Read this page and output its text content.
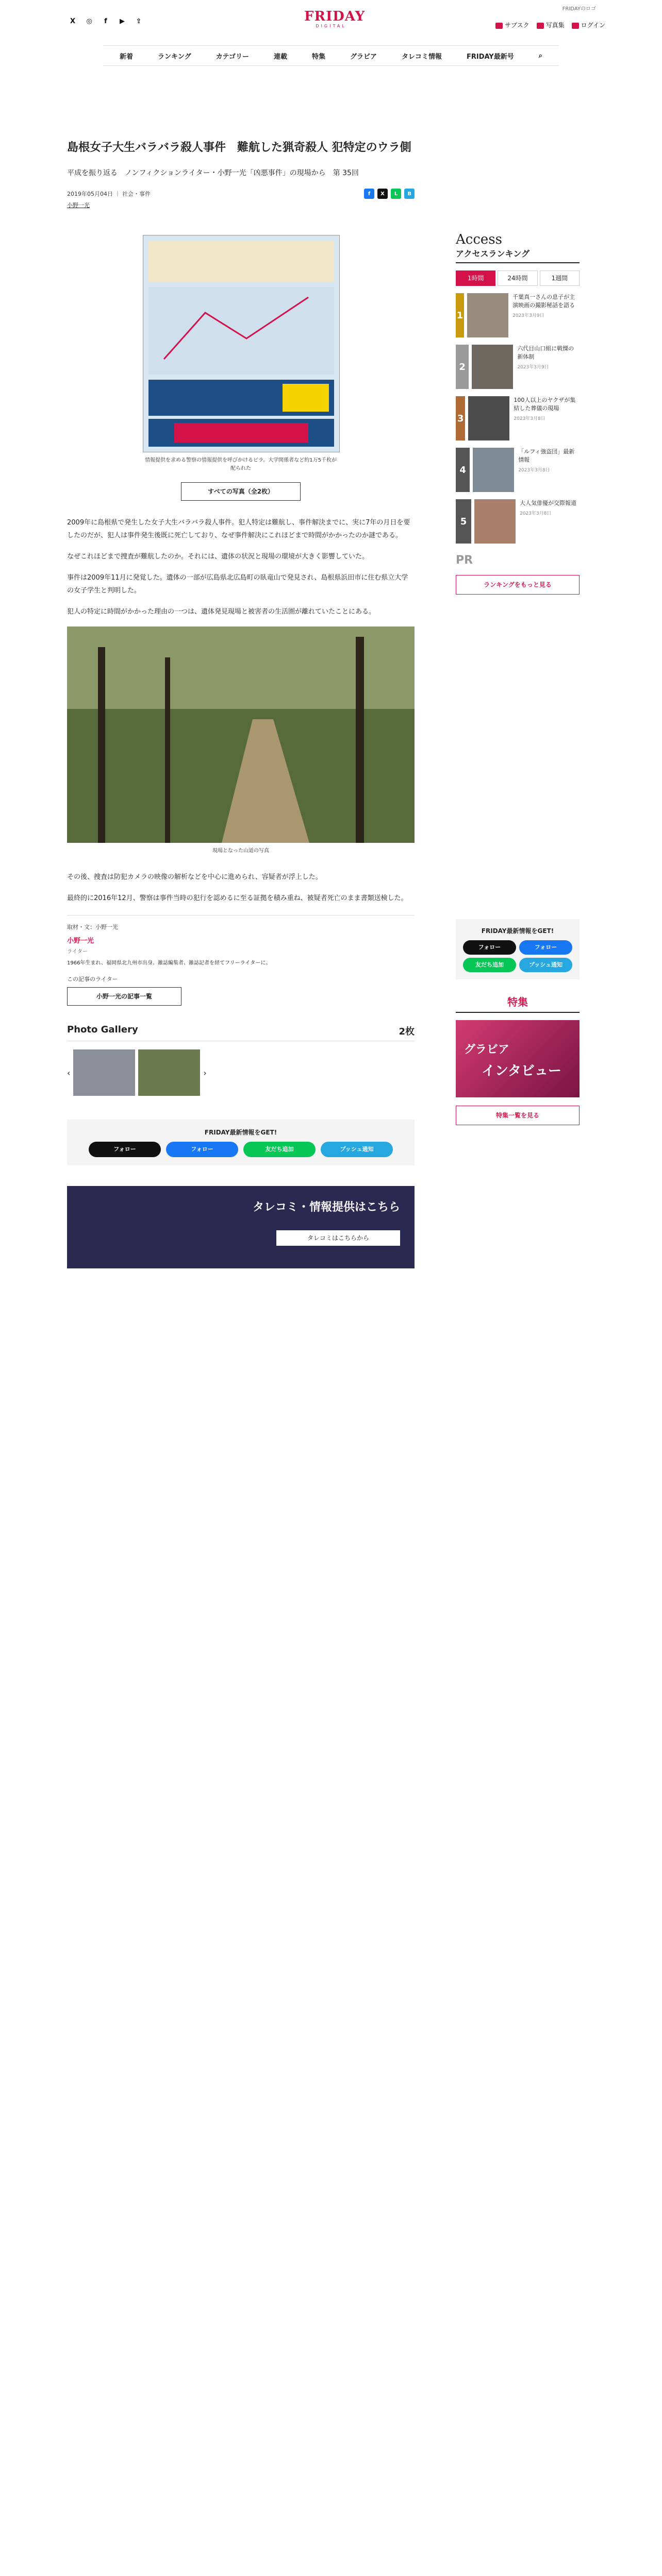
FRIDAYのロゴ
X	◎	f	▶	⇪	FRIDAY
DIGITAL	サブスク	写真集	ログイン
新着	ランキング	カテゴリー	連載	特集	グラビア	タレコミ情報	FRIDAY最新号	⌕
島根女子大生バラバラ殺人事件　難航した猟奇殺人 犯特定のウラ側
平成を振り返る　ノンフィクションライター・小野一光「凶悪事件」の現場から　第 35回
2019年05月04日 ｜ 社会・事件	f	X	L	B
小野一光
情報提供を求める警察の情報提供を呼びかけるビラ。大学関係者など約1万5千枚が配られた
すべての写真（全2枚）

2009年に島根県で発生した女子大生バラバラ殺人事件。犯人特定は難航し、事件解決までに、実に7年の月日を要したのだが、犯人は事件発生後既に死亡しており、なぜ事件解決にこれほどまで時間がかかったのか謎である。

なぜこれほどまで捜査が難航したのか。それには、遺体の状況と現場の環境が大きく影響していた。

事件は2009年11月に発覚した。遺体の一部が広島県北広島町の臥竜山で発見され、島根県浜田市に住む県立大学の女子学生と判明した。

犯人の特定に時間がかかった理由の一つは、遺体発見現場と被害者の生活圏が離れていたことにある。

現場となった山道の写真

その後、捜査は防犯カメラの映像の解析などを中心に進められ、容疑者が浮上した。

最終的に2016年12月、警察は事件当時の犯行を認めるに至る証拠を積み重ね、被疑者死亡のまま書類送検した。

取材・文：小野一光
小野一光
ライター
1966年生まれ、福岡県北九州市出身。雑誌編集者、雑誌記者を経てフリーライターに。
この記事のライター
小野一光の記事一覧
Photo Gallery	2枚
‹	›
FRIDAY最新情報をGET!
フォロー	フォロー	友だち追加	プッシュ通知
タレコミ・情報提供はこちら
タレコミはこちらから
Access
アクセスランキング
1時間	24時間	1週間
1
千葉真一さんの息子が主演映画の撮影秘話を語る
2023年3月9日
2
六代目山口組に戦慄の新体制
2023年3月9日
3
100人以上のヤクザが集結した葬儀の現場
2023年3月8日
4
「ルフィ強盗団」最新情報
2023年3月8日
5
大人気俳優が交際報道
2023年3月8日
PR
ランキングをもっと見る
FRIDAY最新情報をGET!
フォロー	フォロー
友だち追加	プッシュ通知
特集
グラビア
インタビュー
特集一覧を見る
